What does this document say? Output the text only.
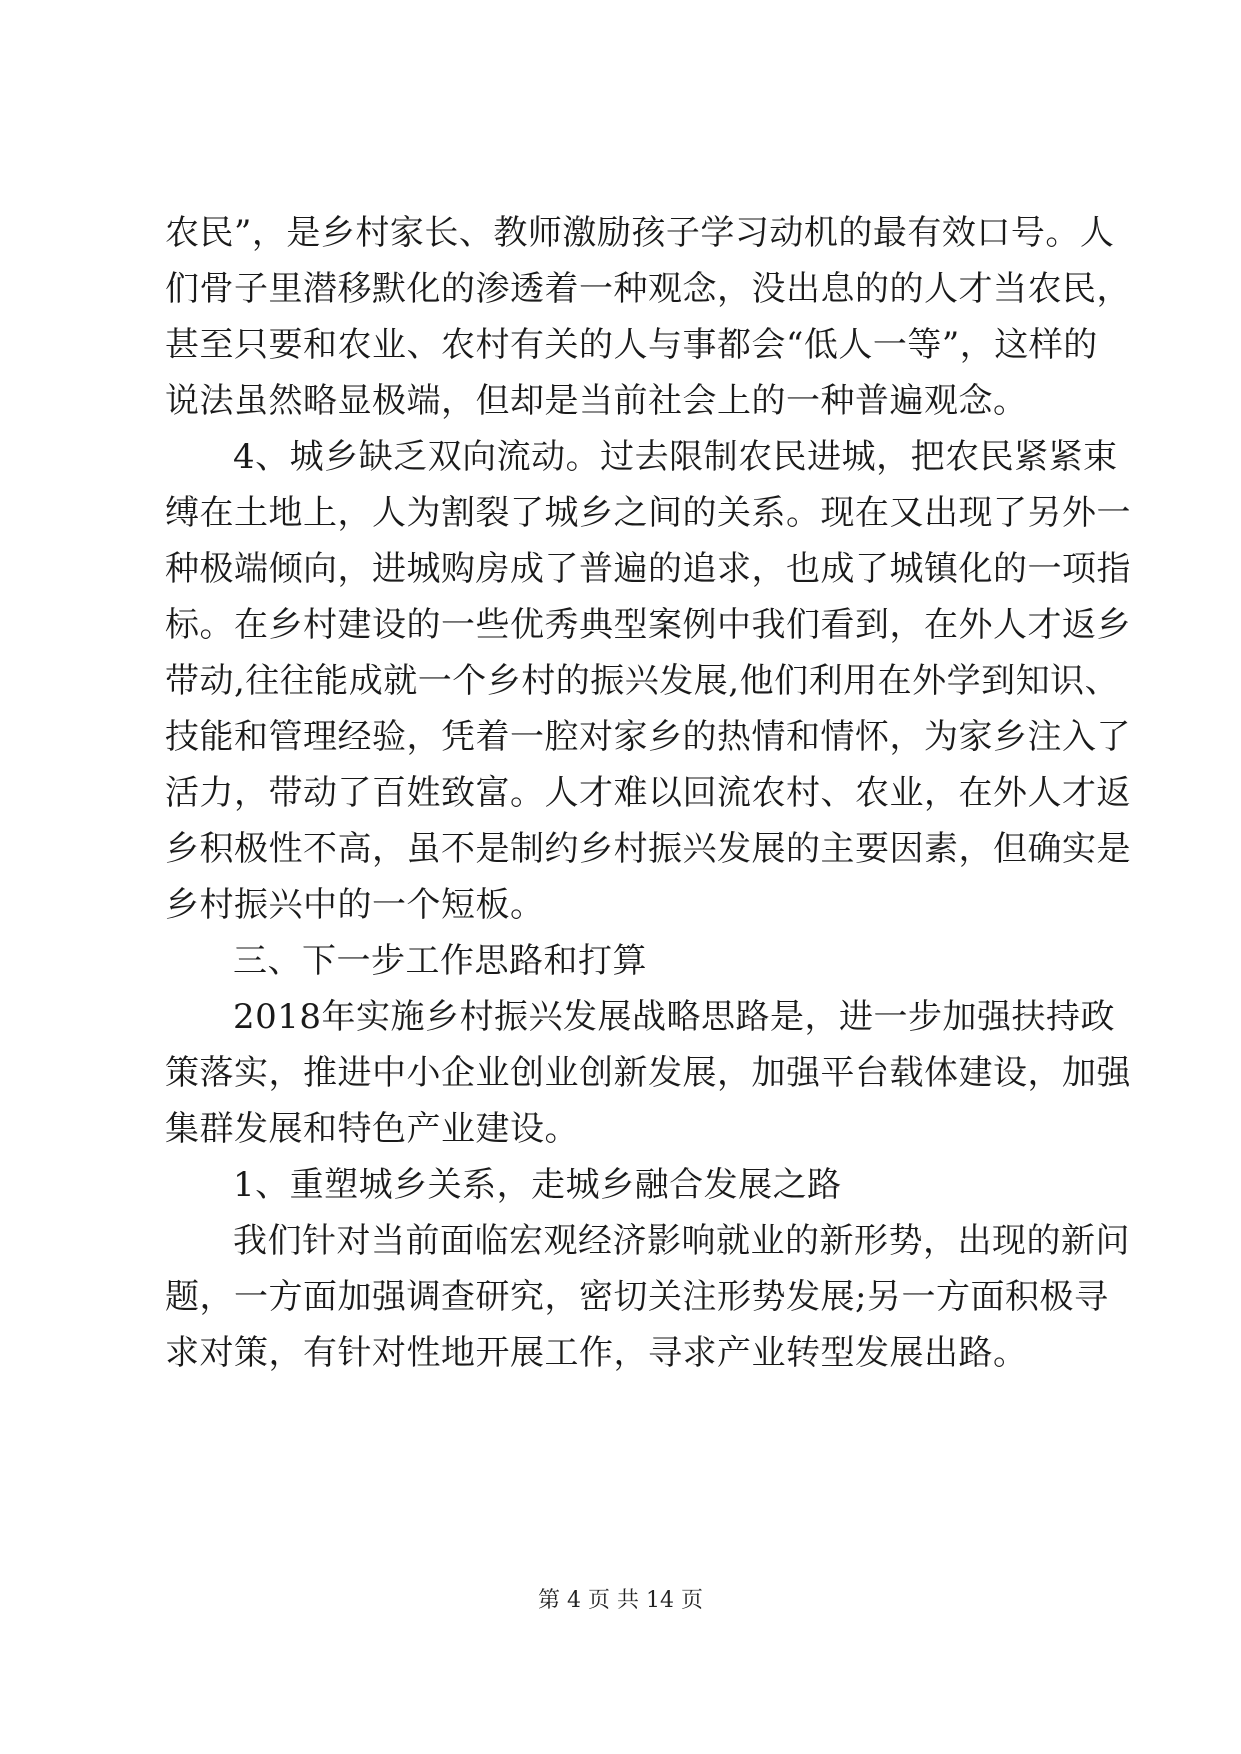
农民”，是乡村家长、教师激励孩子学习动机的最有效口号。人
们骨子里潜移默化的渗透着一种观念，没出息的的人才当农民，
甚至只要和农业、农村有关的人与事都会“低人一等”，这样的
说法虽然略显极端，但却是当前社会上的一种普遍观念。
4、城乡缺乏双向流动。过去限制农民进城，把农民紧紧束
缚在土地上，人为割裂了城乡之间的关系。现在又出现了另外一
种极端倾向，进城购房成了普遍的追求，也成了城镇化的一项指
标。在乡村建设的一些优秀典型案例中我们看到，在外人才返乡
带动,往往能成就一个乡村的振兴发展,他们利用在外学到知识、
技能和管理经验，凭着一腔对家乡的热情和情怀，为家乡注入了
活力，带动了百姓致富。人才难以回流农村、农业，在外人才返
乡积极性不高，虽不是制约乡村振兴发展的主要因素，但确实是
乡村振兴中的一个短板。
三、下一步工作思路和打算
2018年实施乡村振兴发展战略思路是，进一步加强扶持政
策落实，推进中小企业创业创新发展，加强平台载体建设，加强
集群发展和特色产业建设。
1、重塑城乡关系，走城乡融合发展之路
我们针对当前面临宏观经济影响就业的新形势，出现的新问
题，一方面加强调查研究，密切关注形势发展;另一方面积极寻
求对策，有针对性地开展工作，寻求产业转型发展出路。
第 4 页 共 14 页
